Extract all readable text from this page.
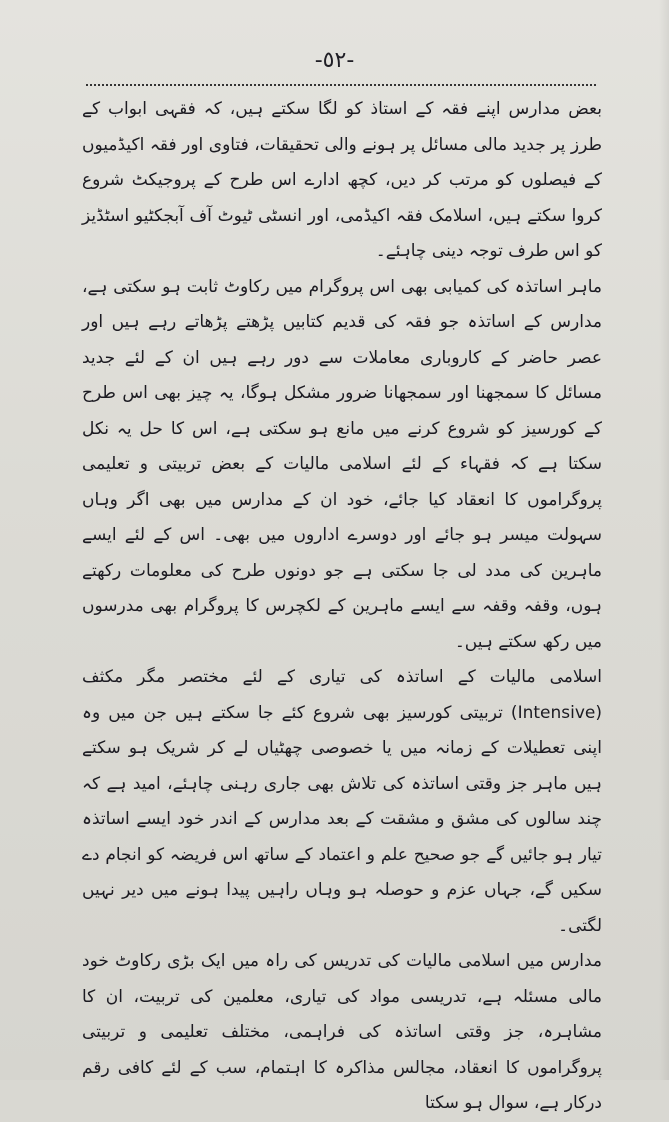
-٥٢-

بعض مدارس اپنے فقہ کے استاذ کو لگا سکتے ہیں، کہ فقہی ابواب کے طرز پر جدید مالی مسائل پر ہونے والی تحقیقات، فتاوی اور فقہ اکیڈمیوں کے فیصلوں کو مرتب کر دیں، کچھ ادارے اس طرح کے پروجیکٹ شروع کروا سکتے ہیں، اسلامک فقہ اکیڈمی، اور انسٹی ٹیوٹ آف آبجکٹیو اسٹڈیز کو اس طرف توجہ دینی چاہئے۔

ماہر اساتذہ کی کمیابی بھی اس پروگرام میں رکاوٹ ثابت ہو سکتی ہے، مدارس کے اساتذہ جو فقہ کی قدیم کتابیں پڑھتے پڑھاتے رہے ہیں اور عصر حاضر کے کاروباری معاملات سے دور رہے ہیں ان کے لئے جدید مسائل کا سمجھنا اور سمجھانا ضرور مشکل ہوگا، یہ چیز بھی اس طرح کے کورسیز کو شروع کرنے میں مانع ہو سکتی ہے، اس کا حل یہ نکل سکتا ہے کہ فقہاء کے لئے اسلامی مالیات کے بعض تربیتی و تعلیمی پروگراموں کا انعقاد کیا جائے، خود ان کے مدارس میں بھی اگر وہاں سہولت میسر ہو جائے اور دوسرے اداروں میں بھی۔ اس کے لئے ایسے ماہرین کی مدد لی جا سکتی ہے جو دونوں طرح کی معلومات رکھتے ہوں، وقفہ وقفہ سے ایسے ماہرین کے لکچرس کا پروگرام بھی مدرسوں میں رکھ سکتے ہیں۔

اسلامی مالیات کے اساتذہ کی تیاری کے لئے مختصر مگر مکثف (Intensive) تربیتی کورسیز بھی شروع کئے جا سکتے ہیں جن میں وہ اپنی تعطیلات کے زمانہ میں یا خصوصی چھٹیاں لے کر شریک ہو سکتے ہیں ماہر جز وقتی اساتذہ کی تلاش بھی جاری رہنی چاہئے، امید ہے کہ چند سالوں کی مشق و مشقت کے بعد مدارس کے اندر خود ایسے اساتذہ تیار ہو جائیں گے جو صحیح علم و اعتماد کے ساتھ اس فریضہ کو انجام دے سکیں گے، جہاں عزم و حوصلہ ہو وہاں راہیں پیدا ہونے میں دیر نہیں لگتی۔

مدارس میں اسلامی مالیات کی تدریس کی راہ میں ایک بڑی رکاوٹ خود مالی مسئلہ ہے، تدریسی مواد کی تیاری، معلمین کی تربیت، ان کا مشاہرہ، جز وقتی اساتذہ کی فراہمی، مختلف تعلیمی و تربیتی پروگراموں کا انعقاد، مجالس مذاکرہ کا اہتمام، سب کے لئے کافی رقم درکار ہے، سوال ہو سکتا
